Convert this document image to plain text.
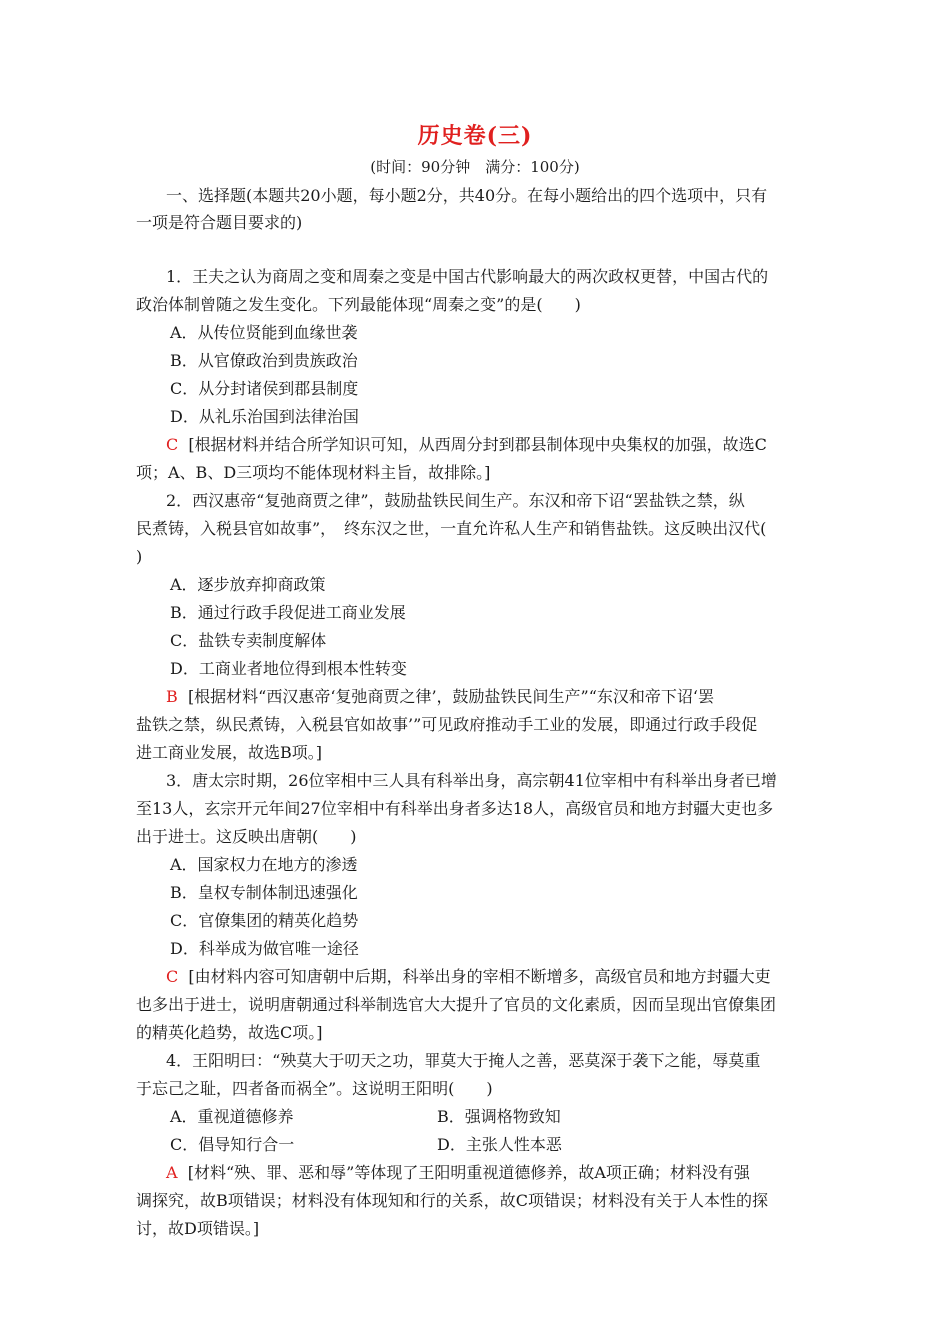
历史卷(三)
(时间：90分钟　满分：100分)
一、选择题(本题共20小题，每小题2分，共40分。在每小题给出的四个选项中，只有
一项是符合题目要求的)
1．王夫之认为商周之变和周秦之变是中国古代影响最大的两次政权更替，中国古代的
政治体制曾随之发生变化。下列最能体现“周秦之变”的是(　　)
A．从传位贤能到血缘世袭
B．从官僚政治到贵族政治
C．从分封诸侯到郡县制度
D．从礼乐治国到法律治国
C [根据材料并结合所学知识可知，从西周分封到郡县制体现中央集权的加强，故选C
项；A、B、D三项均不能体现材料主旨，故排除。]
2．西汉惠帝“复弛商贾之律”，鼓励盐铁民间生产。东汉和帝下诏“罢盐铁之禁，纵
民煮铸，入税县官如故事”，　终东汉之世，一直允许私人生产和销售盐铁。这反映出汉代(
)
A．逐步放弃抑商政策
B．通过行政手段促进工商业发展
C．盐铁专卖制度解体
D．工商业者地位得到根本性转变
B [根据材料“西汉惠帝‘复弛商贾之律’，鼓励盐铁民间生产”“东汉和帝下诏‘罢
盐铁之禁，纵民煮铸，入税县官如故事’”可见政府推动手工业的发展，即通过行政手段促
进工商业发展，故选B项。]
3．唐太宗时期，26位宰相中三人具有科举出身，高宗朝41位宰相中有科举出身者已增
至13人，玄宗开元年间27位宰相中有科举出身者多达18人，高级官员和地方封疆大吏也多
出于进士。这反映出唐朝(　　)
A．国家权力在地方的渗透
B．皇权专制体制迅速强化
C．官僚集团的精英化趋势
D．科举成为做官唯一途径
C [由材料内容可知唐朝中后期，科举出身的宰相不断增多，高级官员和地方封疆大吏
也多出于进士，说明唐朝通过科举制选官大大提升了官员的文化素质，因而呈现出官僚集团
的精英化趋势，故选C项。]
4．王阳明曰：“殃莫大于叨天之功，罪莫大于掩人之善，恶莫深于袭下之能，辱莫重
于忘己之耻，四者备而祸全”。这说明王阳明(　　)
A．重视道德修养	B．强调格物致知
C．倡导知行合一	D．主张人性本恶
A [材料“殃、罪、恶和辱”等体现了王阳明重视道德修养，故A项正确；材料没有强
调探究，故B项错误；材料没有体现知和行的关系，故C项错误；材料没有关于人本性的探
讨，故D项错误。]
